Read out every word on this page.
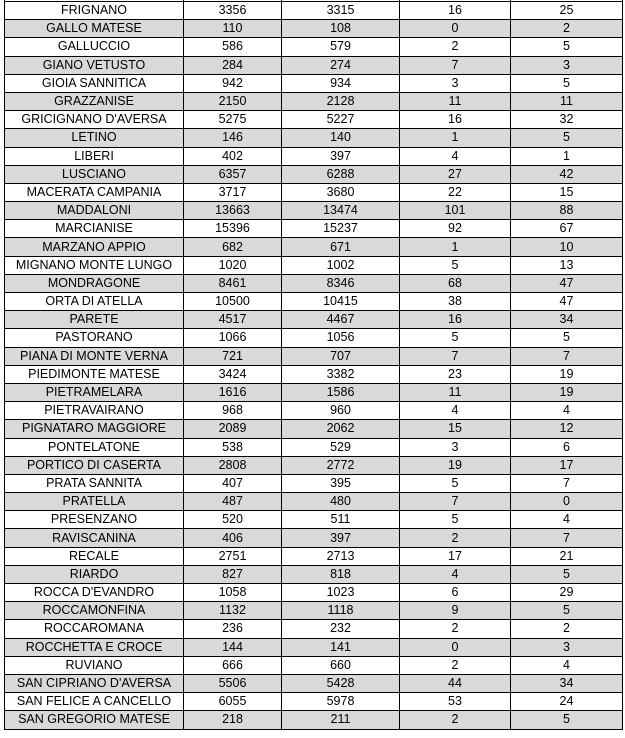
FRIGNANO	3356	3315	16	25
GALLO MATESE	110	108	0	2
GALLUCCIO	586	579	2	5
GIANO VETUSTO	284	274	7	3
GIOIA SANNITICA	942	934	3	5
GRAZZANISE	2150	2128	11	11
GRICIGNANO D'AVERSA	5275	5227	16	32
LETINO	146	140	1	5
LIBERI	402	397	4	1
LUSCIANO	6357	6288	27	42
MACERATA CAMPANIA	3717	3680	22	15
MADDALONI	13663	13474	101	88
MARCIANISE	15396	15237	92	67
MARZANO APPIO	682	671	1	10
MIGNANO MONTE LUNGO	1020	1002	5	13
MONDRAGONE	8461	8346	68	47
ORTA DI ATELLA	10500	10415	38	47
PARETE	4517	4467	16	34
PASTORANO	1066	1056	5	5
PIANA DI MONTE VERNA	721	707	7	7
PIEDIMONTE MATESE	3424	3382	23	19
PIETRAMELARA	1616	1586	11	19
PIETRAVAIRANO	968	960	4	4
PIGNATARO MAGGIORE	2089	2062	15	12
PONTELATONE	538	529	3	6
PORTICO DI CASERTA	2808	2772	19	17
PRATA SANNITA	407	395	5	7
PRATELLA	487	480	7	0
PRESENZANO	520	511	5	4
RAVISCANINA	406	397	2	7
RECALE	2751	2713	17	21
RIARDO	827	818	4	5
ROCCA D'EVANDRO	1058	1023	6	29
ROCCAMONFINA	1132	1118	9	5
ROCCAROMANA	236	232	2	2
ROCCHETTA E CROCE	144	141	0	3
RUVIANO	666	660	2	4
SAN CIPRIANO D'AVERSA	5506	5428	44	34
SAN FELICE A CANCELLO	6055	5978	53	24
SAN GREGORIO MATESE	218	211	2	5
